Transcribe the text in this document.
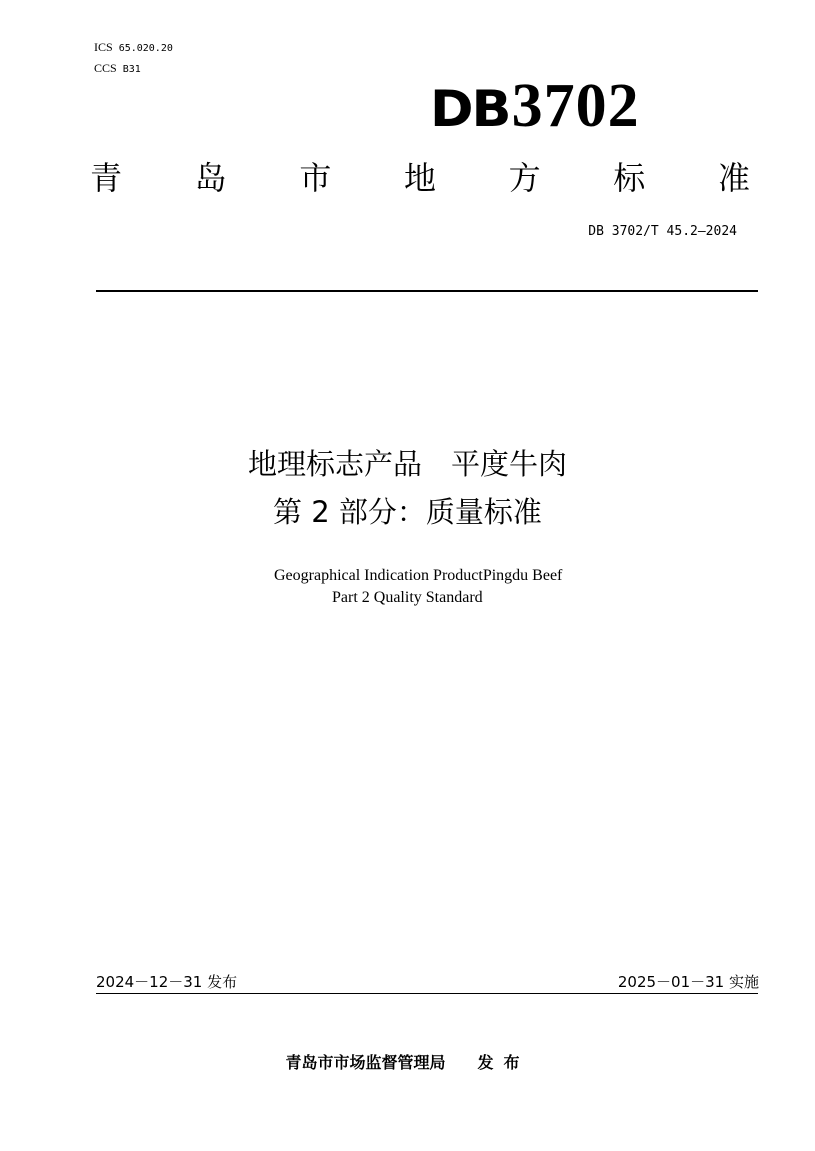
ICS 65.020.20
CCS B31
DB 3702
青 岛 市 地 方 标 准
DB 3702/T 45.2—2024
地理标志产品　平度牛肉
第 2 部分：质量标准
Geographical Indication ProductPingdu Beef
Part 2 Quality Standard
2024－12－31 发布	2025－01－31 实施
青岛市市场监督管理局 发布
